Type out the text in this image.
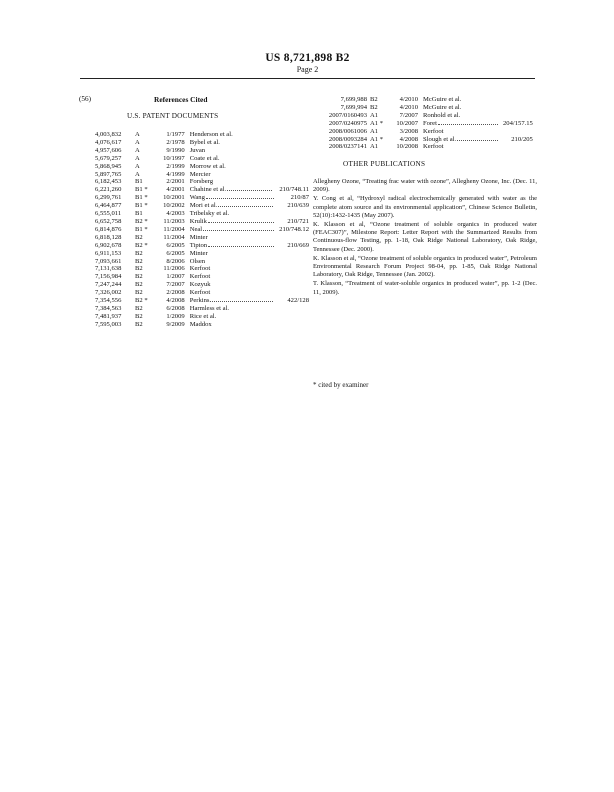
US 8,721,898 B2
Page 2
(56)	References Cited
U.S. PATENT DOCUMENTS
4,003,832	A	1/1977	Henderson et al.	
4,076,617	A	2/1978	Bybel et al.	
4,957,606	A	9/1990	Juvan	
5,679,257	A	10/1997	Coate et al.	
5,868,945	A	2/1999	Morrow et al.	
5,897,765	A	4/1999	Mercier	
6,182,453	B1	2/2001	Forsberg	
6,221,260	B1 *	4/2001	Chahine et al.	210/748.11
6,299,761	B1 *	10/2001	Wang	210/87
6,464,877	B1 *	10/2002	Mori et al.	210/639
6,555,011	B1	4/2003	Tribelsky et al.	
6,652,758	B2 *	11/2003	Krulik	210/721
6,814,876	B1 *	11/2004	Neal	210/748.12
6,818,128	B2	11/2004	Minter	
6,902,678	B2 *	6/2005	Tipton	210/669
6,911,153	B2	6/2005	Minter	
7,093,661	B2	8/2006	Olsen	
7,131,638	B2	11/2006	Kerfoot	
7,156,984	B2	1/2007	Kerfoot	
7,247,244	B2	7/2007	Kozyuk	
7,326,002	B2	2/2008	Kerfoot	
7,354,556	B2 *	4/2008	Perkins	422/128
7,384,563	B2	6/2008	Harmless et al.	
7,481,937	B2	1/2009	Rice et al.	
7,595,003	B2	9/2009	Maddox	
7,699,988	B2	4/2010	McGuire et al.	
7,699,994	B2	4/2010	McGuire et al.	
2007/0160493	A1	7/2007	Ronhold et al.	
2007/0240975	A1 *	10/2007	Foret	204/157.15
2008/0061006	A1	3/2008	Kerfoot	
2008/0093284	A1 *	4/2008	Slough et al.	210/205
2008/0237141	A1	10/2008	Kerfoot	
OTHER PUBLICATIONS
Allegheny Ozone, “Treating frac water with ozone”, Allegheny Ozone, Inc. (Dec. 11, 2009).
Y. Cong et al, “Hydroxyl radical electrochemically generated with water as the complete atom source and its environmental application”, Chinese Science Bulletin, 52(10):1432-1435 (May 2007).
K. Klasson et al, “Ozone treatment of soluble organics in produced water (FEAC307)”, Milestone Report: Letter Report with the Summarized Results from Continuous-flow Testing, pp. 1-18, Oak Ridge National Laboratory, Oak Ridge, Tennessee (Dec. 2000).
K. Klasson et al, “Ozone treatment of soluble organics in produced water”, Petroleum Environmental Research Forum Project 98-04, pp. 1-85, Oak Ridge National Laboratory, Oak Ridge, Tennessee (Jan. 2002).
T. Klasson, “Treatment of water-soluble organics in produced water”, pp. 1-2 (Dec. 11, 2009).
* cited by examiner
